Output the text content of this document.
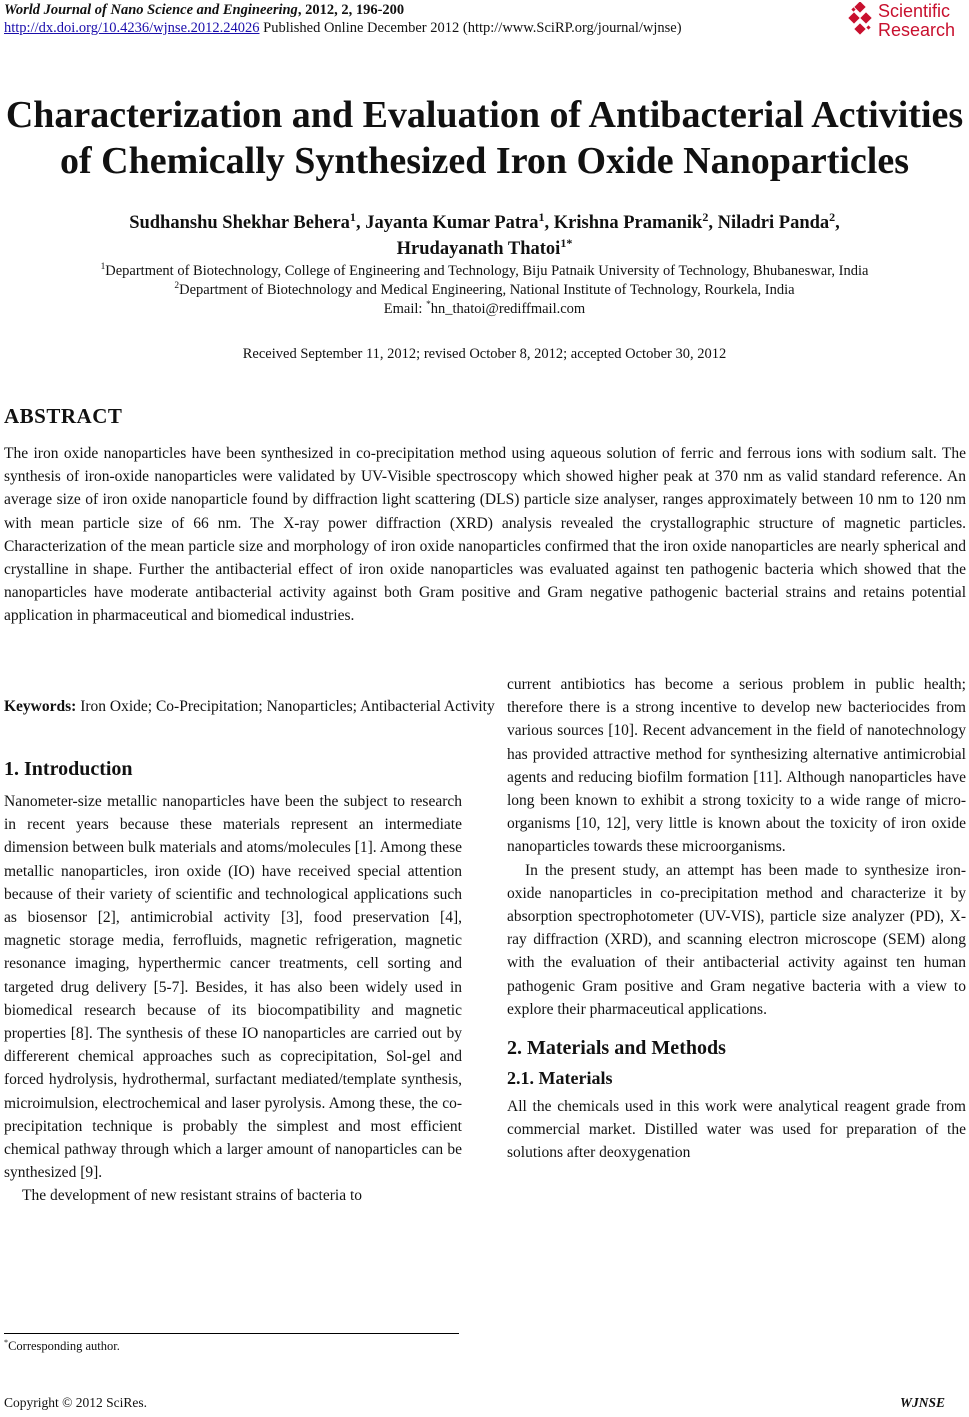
World Journal of Nano Science and Engineering, 2012, 2, 196-200
http://dx.doi.org/10.4236/wjnse.2012.24026 Published Online December 2012 (http://www.SciRP.org/journal/wjnse)
Scientific
Research
Characterization and Evaluation of Antibacterial Activities
of Chemically Synthesized Iron Oxide Nanoparticles
Sudhanshu Shekhar Behera$^1$, Jayanta Kumar Patra$^1$, Krishna Pramanik$^2$, Niladri Panda$^2$,
Hrudayanath Thatoi$^{1*}$
$^1$Department of Biotechnology, College of Engineering and Technology, Biju Patnaik University of Technology, Bhubaneswar, India
$^2$Department of Biotechnology and Medical Engineering, National Institute of Technology, Rourkela, India
Email: *hn_thatoi@rediffmail.com
Received September 11, 2012; revised October 8, 2012; accepted October 30, 2012
ABSTRACT
The iron oxide nanoparticles have been synthesized in co-precipitation method using aqueous solution of ferric and ferrous ions with sodium salt. The synthesis of iron-oxide nanoparticles were validated by UV-Visible spectroscopy which showed higher peak at 370 nm as valid standard reference. An average size of iron oxide nanoparticle found by diffraction light scattering (DLS) particle size analyser, ranges approximately between 10 nm to 120 nm with mean particle size of 66 nm. The X-ray power diffraction (XRD) analysis revealed the crystallographic structure of magnetic particles. Characterization of the mean particle size and morphology of iron oxide nanoparticles confirmed that the iron oxide nanoparticles are nearly spherical and crystalline in shape. Further the antibacterial effect of iron oxide nanoparticles was evaluated against ten pathogenic bacteria which showed that the nanoparticles have moderate antibacterial activity against both Gram positive and Gram negative pathogenic bacterial strains and retains potential application in pharmaceutical and biomedical industries.
Keywords: Iron Oxide; Co-Precipitation; Nanoparticles; Antibacterial Activity

1. Introduction

Nanometer-size metallic nanoparticles have been the subject to research in recent years because these materials represent an intermediate dimension between bulk materials and atoms/molecules [1]. Among these metallic nanoparticles, iron oxide (IO) have received special attention because of their variety of scientific and technological applications such as biosensor [2], antimicrobial activity [3], food preservation [4], magnetic storage media, ferrofluids, magnetic refrigeration, magnetic resonance imaging, hyperthermic cancer treatments, cell sorting and targeted drug delivery [5-7]. Besides, it has also been widely used in biomedical research because of its biocompatibility and magnetic properties [8]. The synthesis of these IO nanoparticles are carried out by differerent chemical approaches such as coprecipitation, Sol-gel and forced hydrolysis, hydrothermal, surfactant mediated/template synthesis, microimulsion, electrochemical and laser pyrolysis. Among these, the co-precipitation technique is probably the simplest and most efficient chemical pathway through which a larger amount of nanoparticles can be synthesized [9].

The development of new resistant strains of bacteria to

current antibiotics has become a serious problem in public health; therefore there is a strong incentive to develop new bacteriocides from various sources [10]. Recent advancement in the field of nanotechnology has provided attractive method for synthesizing alternative antimicrobial agents and reducing biofilm formation [11]. Although nanoparticles have long been known to exhibit a strong toxicity to a wide range of micro-organisms [10, 12], very little is known about the toxicity of iron oxide nanoparticles towards these microorganisms.

In the present study, an attempt has been made to synthesize iron-oxide nanoparticles in co-precipitation method and characterize it by absorption spectrophotometer (UV-VIS), particle size analyzer (PD), X-ray diffraction (XRD), and scanning electron microscope (SEM) along with the evaluation of their antibacterial activity against ten human pathogenic Gram positive and Gram negative bacteria with a view to explore their pharmaceutical applications.

2. Materials and Methods

2.1. Materials

All the chemicals used in this work were analytical reagent grade from commercial market. Distilled water was used for preparation of the solutions after deoxygenation

*Corresponding author.
Copyright © 2012 SciRes.	WJNSE
